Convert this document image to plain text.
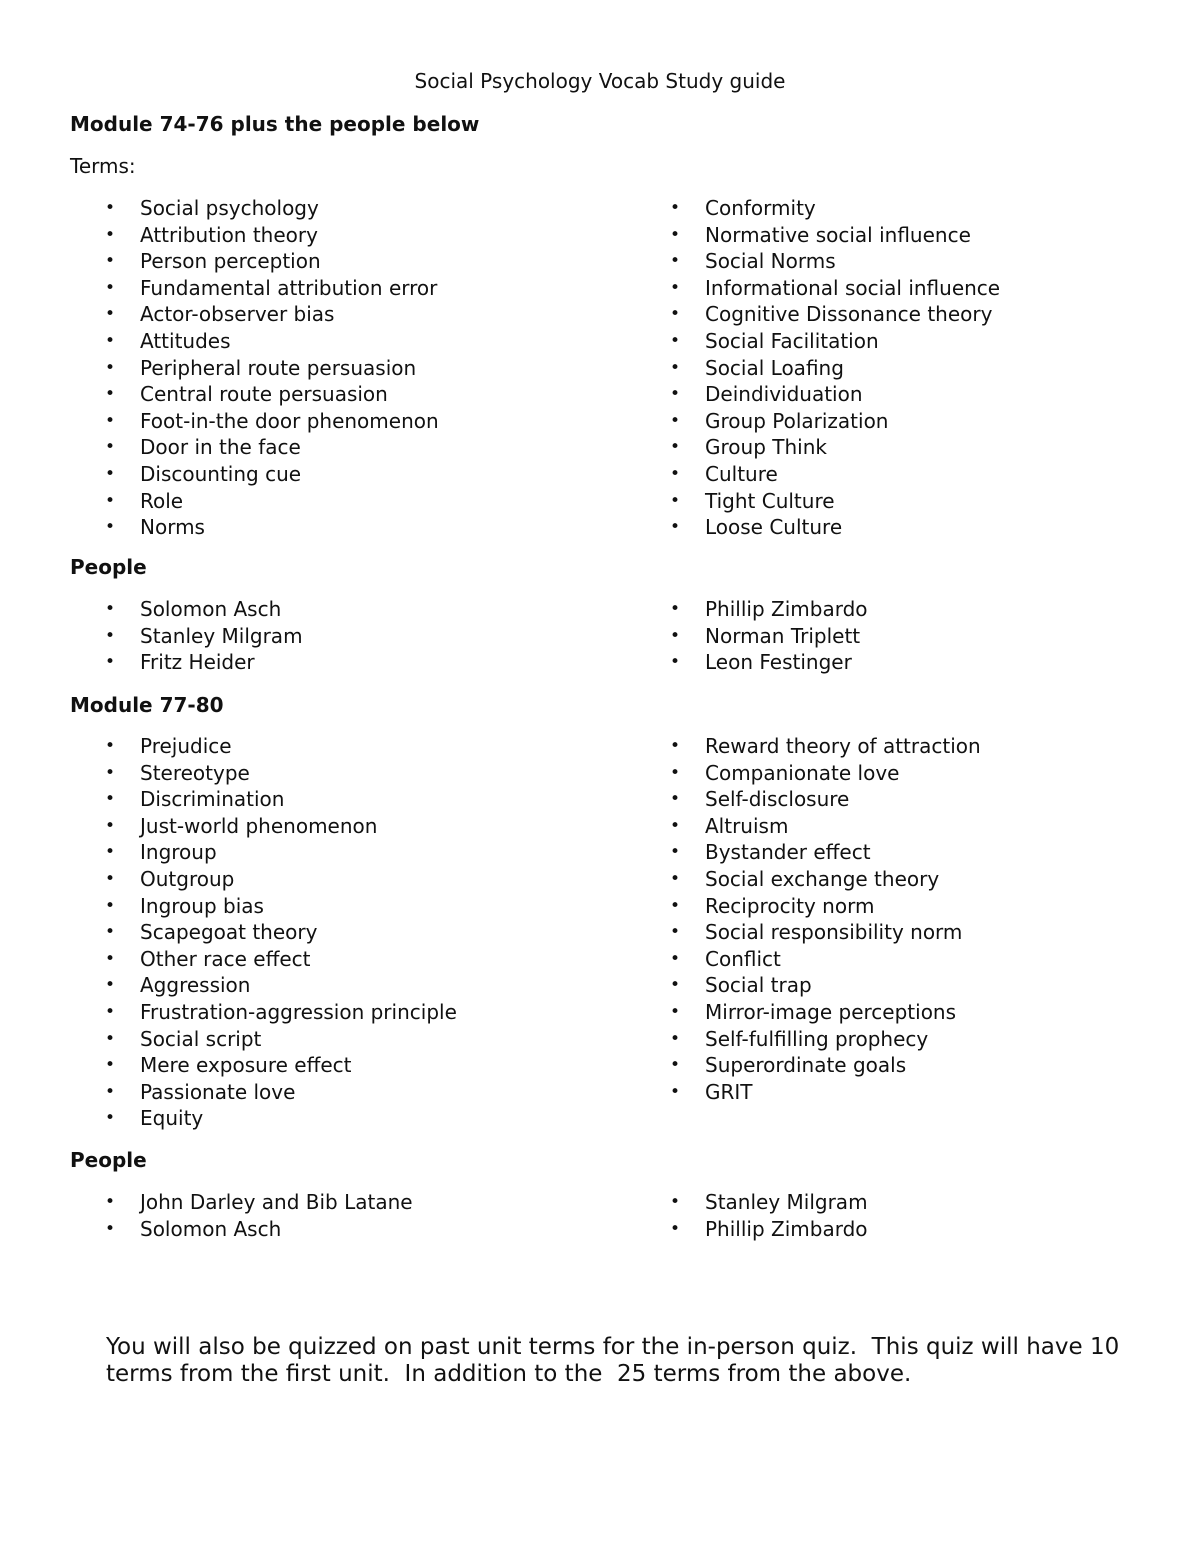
Social Psychology Vocab Study guide
Module 74-76 plus the people below

Terms:

• Social psychology
• Attribution theory
• Person perception
• Fundamental attribution error
• Actor-observer bias
• Attitudes
• Peripheral route persuasion
• Central route persuasion
• Foot-in-the door phenomenon
• Door in the face
• Discounting cue
• Role
• Norms
• Conformity
• Normative social influence
• Social Norms
• Informational social influence
• Cognitive Dissonance theory
• Social Facilitation
• Social Loafing
• Deindividuation
• Group Polarization
• Group Think
• Culture
• Tight Culture
• Loose Culture
People
• Solomon Asch
• Stanley Milgram
• Fritz Heider
• Phillip Zimbardo
• Norman Triplett
• Leon Festinger
Module 77-80
• Prejudice
• Stereotype
• Discrimination
• Just-world phenomenon
• Ingroup
• Outgroup
• Ingroup bias
• Scapegoat theory
• Other race effect
• Aggression
• Frustration-aggression principle
• Social script
• Mere exposure effect
• Passionate love
• Equity
• Reward theory of attraction
• Companionate love
• Self-disclosure
• Altruism
• Bystander effect
• Social exchange theory
• Reciprocity norm
• Social responsibility norm
• Conflict
• Social trap
• Mirror-image perceptions
• Self-fulfilling prophecy
• Superordinate goals
• GRIT
People
• John Darley and Bib Latane
• Solomon Asch
• Stanley Milgram
• Phillip Zimbardo

You will also be quizzed on past unit terms for the in-person quiz.  This quiz will have 10 terms from the first unit.  In addition to the  25 terms from the above.
